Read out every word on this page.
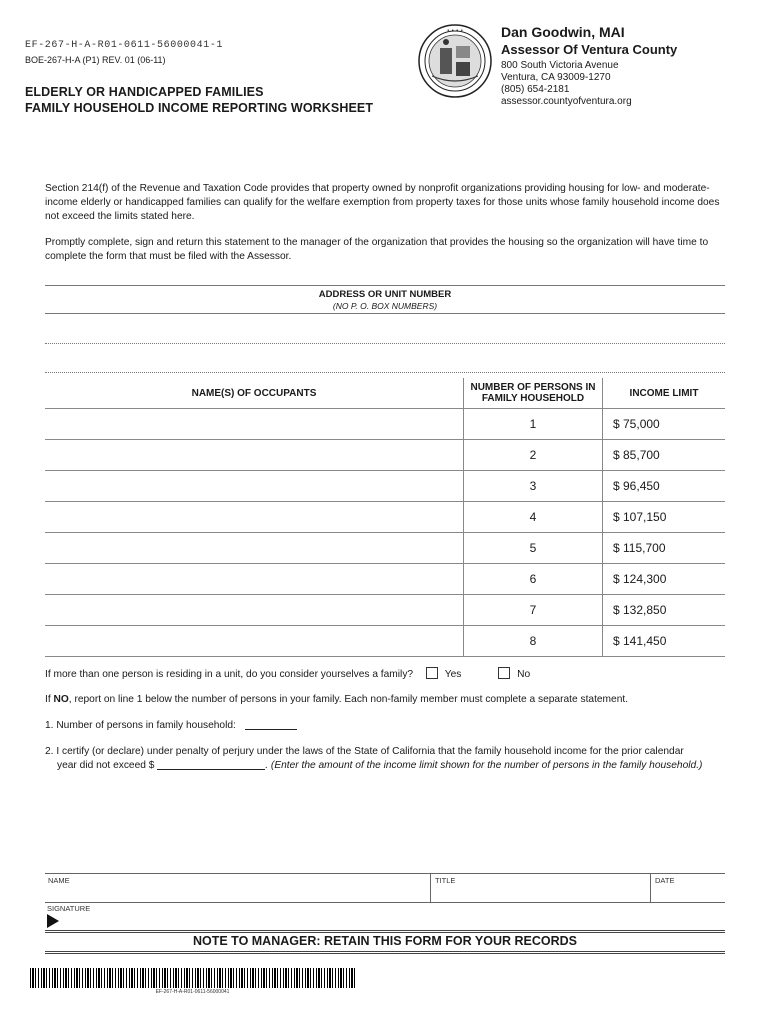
EF-267-H-A-R01-0611-56000041-1
BOE-267-H-A (P1) REV. 01 (06-11)
ELDERLY OR HANDICAPPED FAMILIES
FAMILY HOUSEHOLD INCOME REPORTING WORKSHEET
• • • •	Dan Goodwin, MAI
Assessor Of Ventura County
800 South Victoria Avenue
Ventura, CA 93009-1270
(805) 654-2181
assessor.countyofventura.org
Section 214(f) of the Revenue and Taxation Code provides that property owned by nonprofit organizations providing housing for low- and moderate-income elderly or handicapped families can qualify for the welfare exemption from property taxes for those units whose family household income does not exceed the limits stated here.
Promptly complete, sign and return this statement to the manager of the organization that provides the housing so the organization will have time to complete the form that must be filed with the Assessor.
ADDRESS OR UNIT NUMBER
(NO P. O. BOX NUMBERS)
NAME(S) OF OCCUPANTS	NUMBER OF PERSONS IN FAMILY HOUSEHOLD	INCOME LIMIT
	1	$ 75,000
	2	$ 85,700
	3	$ 96,450
	4	$ 107,150
	5	$ 115,700
	6	$ 124,300
	7	$ 132,850
	8	$ 141,450
If more than one person is residing in a unit, do you consider yourselves a family?	Yes	No
If NO, report on line 1 below the number of persons in your family. Each non-family member must complete a separate statement.
1. Number of persons in family household:
2. I certify (or declare) under penalty of perjury under the laws of the State of California that the family household income for the prior calendar
year did not exceed $	. (Enter the amount of the income limit shown for the number of persons in the family household.)
NAME	TITLE	DATE
SIGNATURE
NOTE TO MANAGER: RETAIN THIS FORM FOR YOUR RECORDS
EF-267-H-A-R01-0611-56000041
